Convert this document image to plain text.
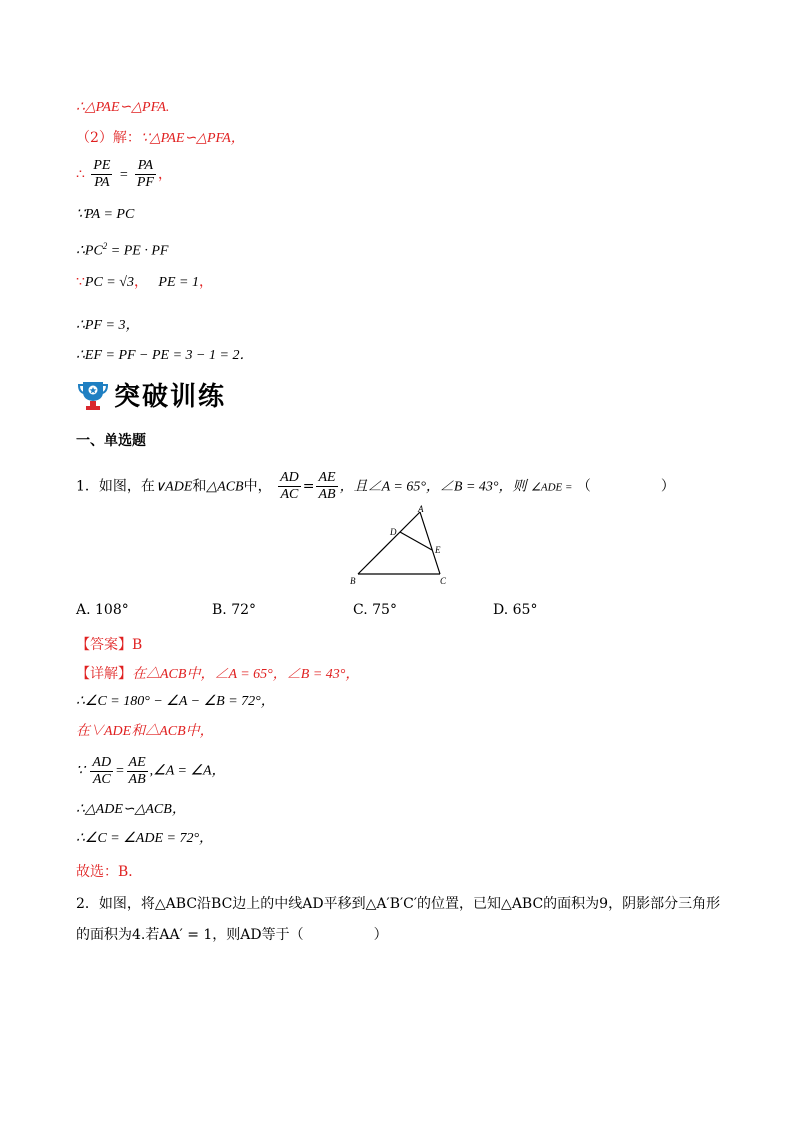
∴△PAE∽△PFA.
（2）解：∵△PAE∽△PFA，
∴ $\frac{PE}{PA} = \frac{PA}{PF}$ ，
∵PA = PC
$\therefore PC^2$ = PE · PF
∵PC = √3， PE = 1，
∴PF = 3，
∴EF = PF − PE = 3 − 1 = 2．
突破训练
一、单选题
1．如图，在∨ADE和△ACB中， $\frac{AD}{AC} = \frac{AE}{AB}$ ，且∠A = 65°，∠B = 43°，则 ∠ADE = （　　　　　）
A
B	C
D
E
A. 108°	B. 72°	C. 75°	D. 65°
【答案】B
【详解】在△ACB中，∠A = 65°，∠B = 43°，
∴∠C = 180° − ∠A − ∠B = 72°，
在∨ADE和△ACB中，
∵ $\frac{AD}{AC} = \frac{AE}{AB}$ ,∠A = ∠A，
∴△ADE∽△ACB，
∴∠C = ∠ADE = 72°，
故选：B．
2．如图，将△ABC沿BC边上的中线AD平移到△A′B′C′的位置，已知△ABC的面积为9，阴影部分三角形
的面积为4.若AA′ = 1，则AD等于（　　　　　）
